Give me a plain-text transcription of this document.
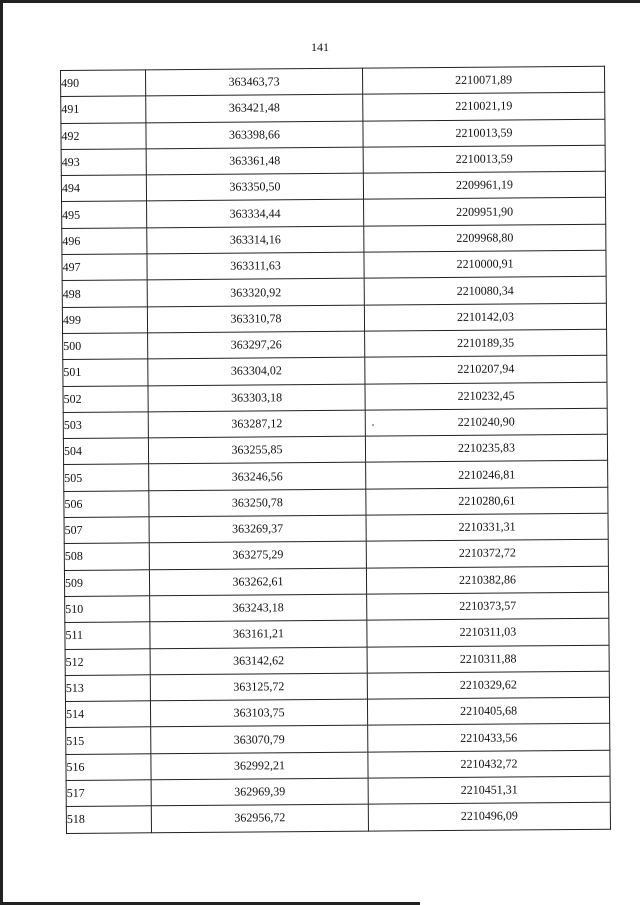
141
490	363463,73	2210071,89
491	363421,48	2210021,19
492	363398,66	2210013,59
493	363361,48	2210013,59
494	363350,50	2209961,19
495	363334,44	2209951,90
496	363314,16	2209968,80
497	363311,63	2210000,91
498	363320,92	2210080,34
499	363310,78	2210142,03
500	363297,26	2210189,35
501	363304,02	2210207,94
502	363303,18	2210232,45
503	363287,12	2210240,90
504	363255,85	2210235,83
505	363246,56	2210246,81
506	363250,78	2210280,61
507	363269,37	2210331,31
508	363275,29	2210372,72
509	363262,61	2210382,86
510	363243,18	2210373,57
511	363161,21	2210311,03
512	363142,62	2210311,88
513	363125,72	2210329,62
514	363103,75	2210405,68
515	363070,79	2210433,56
516	362992,21	2210432,72
517	362969,39	2210451,31
518	362956,72	2210496,09
